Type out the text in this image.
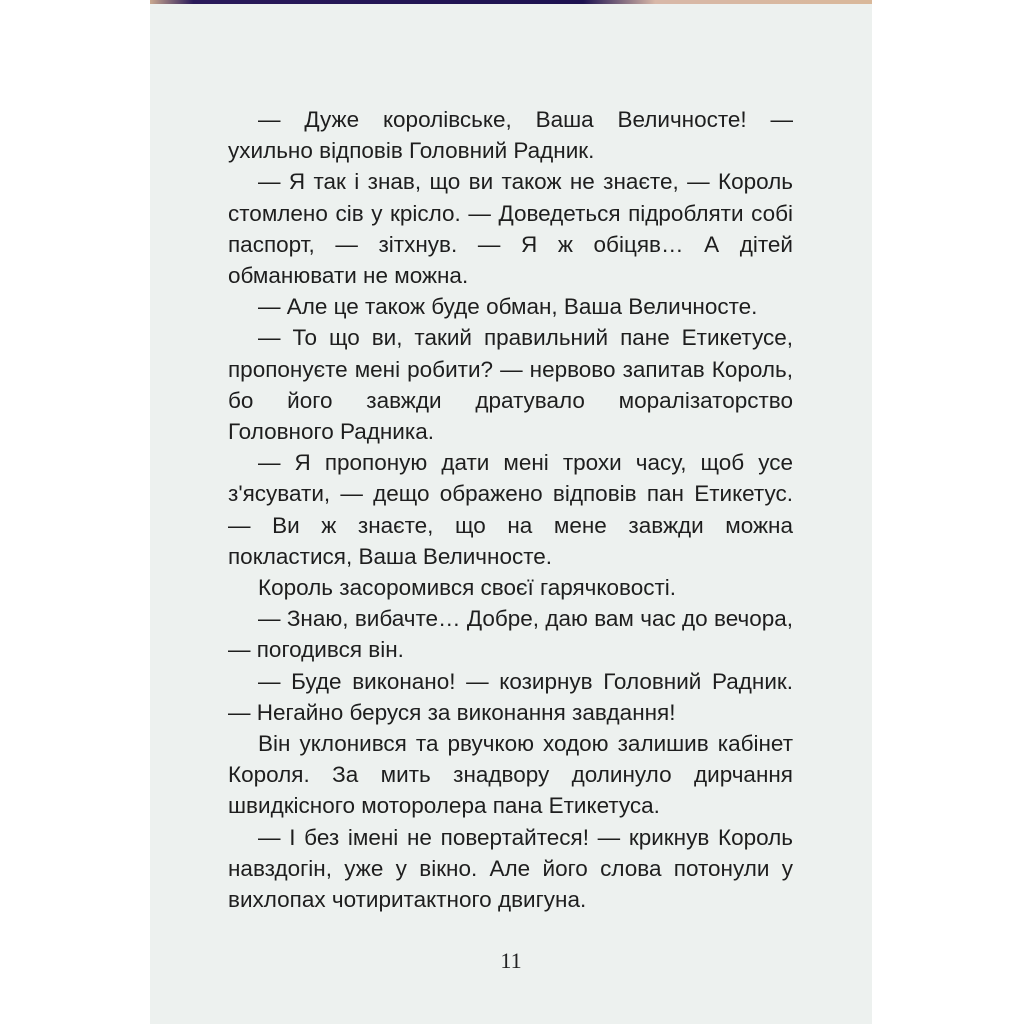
— Дуже королівське, Ваша Величносте! — ухильно відповів Головний Радник.

— Я так і знав, що ви також не знаєте, — Король стомлено сів у крісло. — Доведеться підробляти собі паспорт, — зітхнув. — Я ж обіцяв… А дітей обманювати не можна.

— Але це також буде обман, Ваша Величносте.

— То що ви, такий правильний пане Етикетусе, пропонуєте мені робити? — нервово запитав Король, бо його завжди дратувало моралізаторство Головного Радника.

— Я пропоную дати мені трохи часу, щоб усе з'ясувати, — дещо ображено відповів пан Етикетус. — Ви ж знаєте, що на мене завжди можна покластися, Ваша Величносте.

Король засоромився своєї гарячковості.

— Знаю, вибачте… Добре, даю вам час до вечора, — погодився він.

— Буде виконано! — козирнув Головний Радник. — Негайно беруся за виконання завдання!

Він уклонився та рвучкою ходою залишив кабінет Короля. За мить знадвору долинуло дирчання швидкісного моторолера пана Етикетуса.

— І без імені не повертайтеся! — крикнув Король навздогін, уже у вікно. Але його слова потонули у вихлопах чотиритактного двигуна.

11
